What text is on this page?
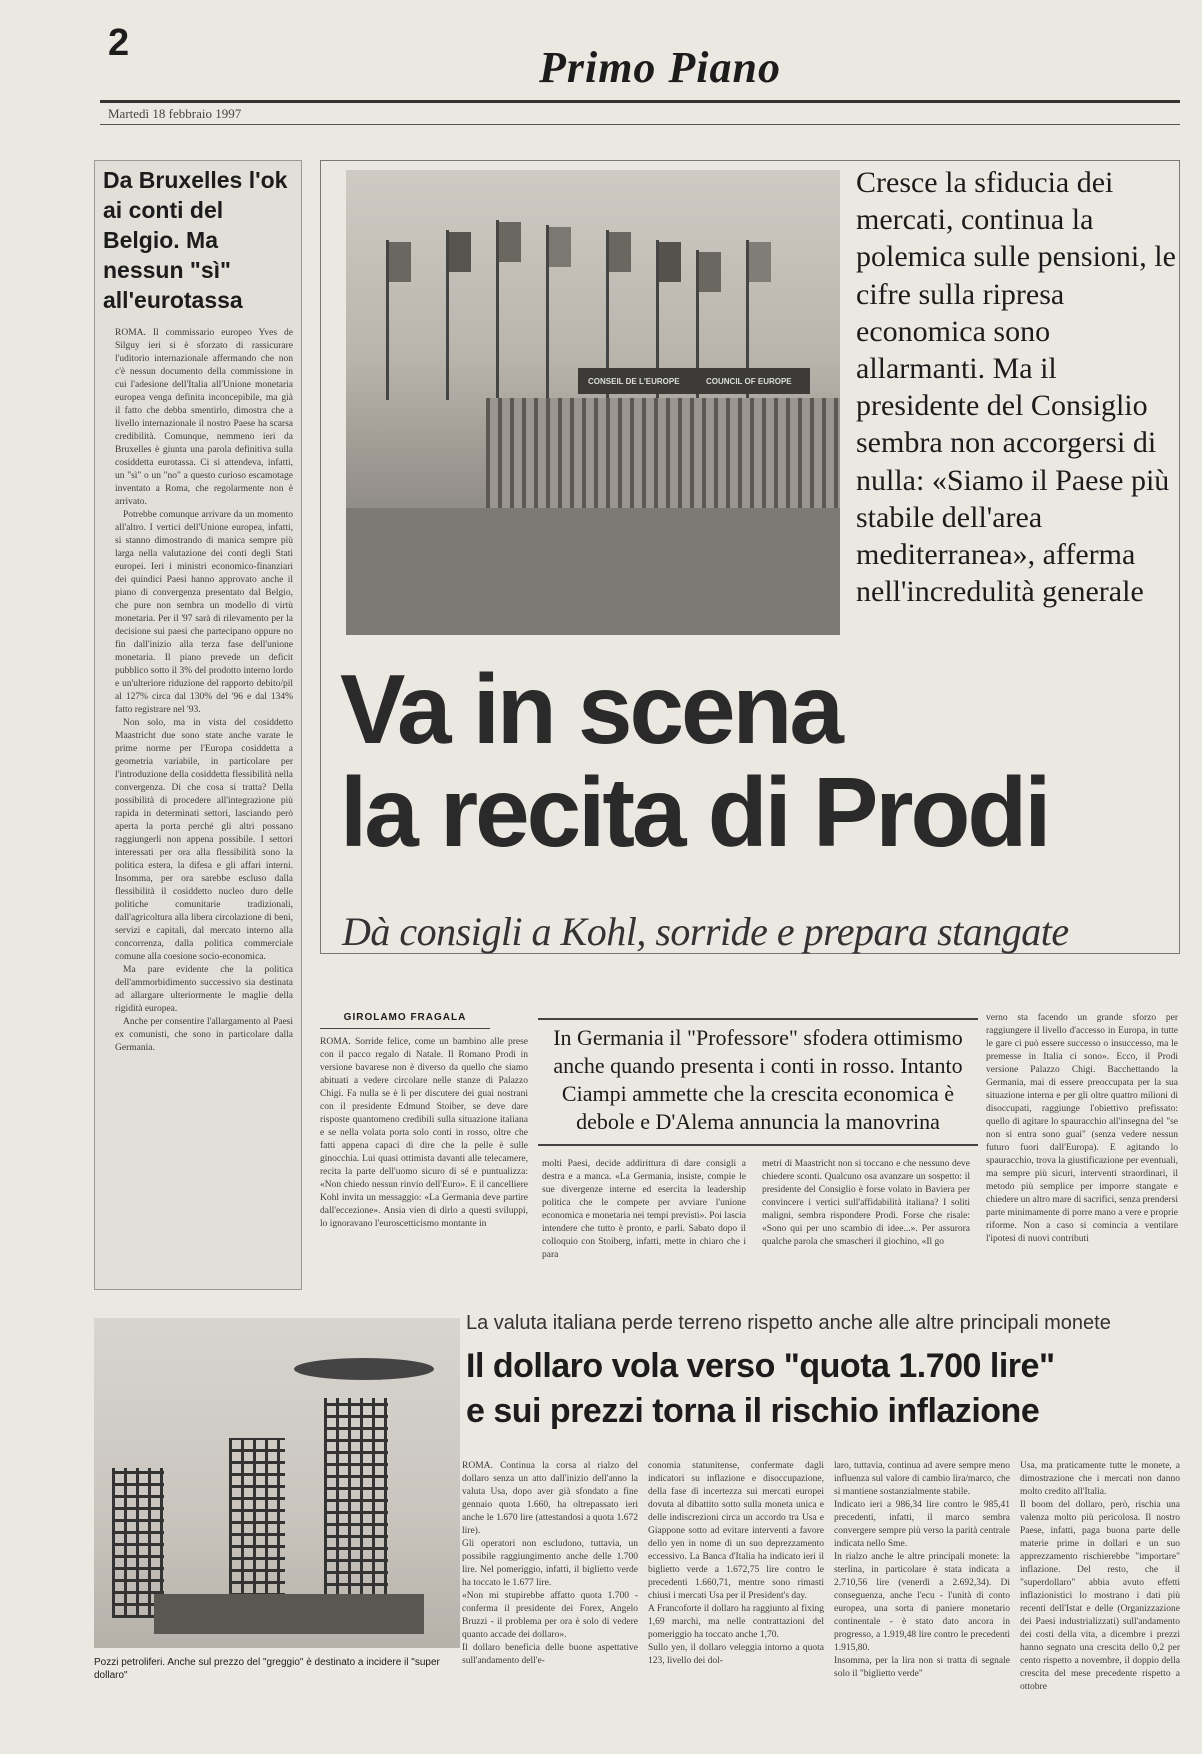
2	Primo Piano
Martedì 18 febbraio 1997
Da Bruxelles l'ok ai conti del Belgio. Ma nessun "sì" all'eurotassa

ROMA. Il commissario europeo Yves de Silguy ieri si è sforzato di rassicurare l'uditorio internazionale affermando che non c'è nessun documento della commissione in cui l'adesione dell'Italia all'Unione monetaria europea venga definita inconcepibile, ma già il fatto che debba smentirlo, dimostra che a livello internazionale il nostro Paese ha scarsa credibilità. Comunque, nemmeno ieri da Bruxelles è giunta una parola definitiva sulla cosiddetta eurotassa. Ci si attendeva, infatti, un "sì" o un "no" a questo curioso escamotage inventato a Roma, che regolarmente non è arrivato.

Potrebbe comunque arrivare da un momento all'altro. I vertici dell'Unione europea, infatti, si stanno dimostrando di manica sempre più larga nella valutazione dei conti degli Stati europei. Ieri i ministri economico-finanziari dei quindici Paesi hanno approvato anche il piano di convergenza presentato dal Belgio, che pure non sembra un modello di virtù monetaria. Per il '97 sarà di rilevamento per la decisione sui paesi che partecipano oppure no fin dall'inizio alla terza fase dell'unione monetaria. Il piano prevede un deficit pubblico sotto il 3% del prodotto interno lordo e un'ulteriore riduzione del rapporto debito/pil al 127% circa dal 130% del '96 e dal 134% fatto registrare nel '93.

Non solo, ma in vista del cosiddetto Maastricht due sono state anche varate le prime norme per l'Europa cosiddetta a geometria variabile, in particolare per l'introduzione della cosiddetta flessibilità nella convergenza. Di che cosa si tratta? Della possibilità di procedere all'integrazione più rapida in determinati settori, lasciando però aperta la porta perché gli altri possano raggiungerli non appena possibile. I settori interessati per ora alla flessibilità sono la politica estera, la difesa e gli affari interni. Insomma, per ora sarebbe escluso dalla flessibilità il cosiddetto nucleo duro delle politiche comunitarie tradizionali, dall'agricoltura alla libera circolazione di beni, servizi e capitali, dal mercato interno alla concorrenza, dalla politica commerciale comune alla coesione socio-economica.

Ma pare evidente che la politica dell'ammorbidimento successivo sia destinata ad allargare ulteriormente le maglie della rigidità europea.

Anche per consentire l'allargamento al Paesi ex comunisti, che sono in particolare dalla Germania.

CONSEIL DE L'EUROPE	COUNCIL OF EUROPE
Cresce la sfiducia dei mercati, continua la polemica sulle pensioni, le cifre sulla ripresa economica sono allarmanti. Ma il presidente del Consiglio sembra non accorgersi di nulla: «Siamo il Paese più stabile dell'area mediterranea», afferma nell'incredulità generale
Va in scena
la recita di Prodi
Dà consigli a Kohl, sorride e prepara stangate
GIROLAMO FRAGALA
In Germania il "Professore" sfodera ottimismo anche quando presenta i conti in rosso. Intanto Ciampi ammette che la crescita economica è debole e D'Alema annuncia la manovrina
ROMA. Sorride felice, come un bambino alle prese con il pacco regalo di Natale. Il Romano Prodi in versione bavarese non è diverso da quello che siamo abituati a vedere circolare nelle stanze di Palazzo Chigi. Fa nulla se è lì per discutere dei guai nostrani con il presidente Edmund Stoiber, se deve dare risposte quantomeno credibili sulla situazione italiana e se nella volata porta solo conti in rosso, oltre che fatti appena capaci di dire che la pelle è sulle ginocchia. Lui quasi ottimista davanti alle telecamere, recita la parte dell'uomo sicuro di sé e puntualizza: «Non chiedo nessun rinvio dell'Euro». E il cancelliere Kohl invita un messaggio: «La Germania deve partire dall'eccezione». Ansia vien di dirlo a questi sviluppi, lo ignoravano l'euroscetticismo montante in
molti Paesi, decide addirittura di dare consigli a destra e a manca. «La Germania, insiste, compie le sue divergenze interne ed esercita la leadership politica che le compete per avviare l'unione economica e monetaria nei tempi previsti». Poi lascia intendere che tutto è pronto, e parli. Sabato dopo il colloquio con Stoiberg, infatti, mette in chiaro che i para
metri di Maastricht non si toccano e che nessuno deve chiedere sconti. Qualcuno osa avanzare un sospetto: il presidente del Consiglio è forse volato in Baviera per convincere i vertici sull'affidabilità italiana? I soliti maligni, sembra rispondere Prodi. Forse che risale: «Sono qui per uno scambio di idee...». Per assurora qualche parola che smascheri il giochino, «Il go
verno sta facendo un grande sforzo per raggiungere il livello d'accesso in Europa, in tutte le gare ci può essere successo o insuccesso, ma le premesse in Italia ci sono». Ecco, il Prodi versione Palazzo Chigi. Bacchettando la Germania, mai di essere preoccupata per la sua situazione interna e per gli oltre quattro milioni di disoccupati, raggiunge l'obiettivo prefissato: quello di agitare lo spauracchio all'insegna del "se non si entra sono guai" (senza vedere nessun futuro fuori dall'Europa). E agitando lo spauracchio, trova la giustificazione per eventuali, ma sempre più sicuri, interventi straordinari, il metodo più semplice per imporre stangate e chiedere un altro mare di sacrifici, senza prendersi parte minimamente di porre mano a vere e proprie riforme. Non a caso si comincia a ventilare l'ipotesi di nuovi contributi
Pozzi petroliferi. Anche sul prezzo del "greggio" è destinato a incidere il "super dollaro"
La valuta italiana perde terreno rispetto anche alle altre principali monete
Il dollaro vola verso "quota 1.700 lire"
e sui prezzi torna il rischio inflazione
ROMA. Continua la corsa al rialzo del dollaro senza un atto dall'inizio dell'anno la valuta Usa, dopo aver già sfondato a fine gennaio quota 1.660, ha oltrepassato ieri anche le 1.670 lire (attestandosi a quota 1.672 lire).
Gli operatori non escludono, tuttavia, un possibile raggiungimento anche delle 1.700 lire. Nel pomeriggio, infatti, il biglietto verde ha toccato le 1.677 lire.
«Non mi stupirebbe affatto quota 1.700 - conferma il presidente dei Forex, Angelo Bruzzi - il problema per ora è solo di vedere quanto accade dei dollaro».
Il dollaro beneficia delle buone aspettative sull'andamento dell'e-
conomia statunitense, confermate dagli indicatori su inflazione e disoccupazione, della fase di incertezza sui mercati europei dovuta al dibattito sotto sulla moneta unica e delle indiscrezioni circa un accordo tra Usa e Giappone sotto ad evitare interventi a favore dello yen in nome di un suo deprezzamento eccessivo. La Banca d'Italia ha indicato ieri il biglietto verde a 1.672,75 lire contro le precedenti 1.660,71, mentre sono rimasti chiusi i mercati Usa per il President's day.
A Francoforte il dollaro ha raggiunto al fixing 1,69 marchi, ma nelle contrattazioni del pomeriggio ha toccato anche 1,70.
Sullo yen, il dollaro veleggia intorno a quota 123, livello dei dol-
laro, tuttavia, continua ad avere sempre meno influenza sul valore di cambio lira/marco, che si mantiene sostanzialmente stabile.
Indicato ieri a 986,34 lire contro le 985,41 precedenti, infatti, il marco sembra convergere sempre più verso la parità centrale indicata nello Sme.
In rialzo anche le altre principali monete: la sterlina, in particolare è stata indicata a 2.710,56 lire (venerdì a 2.692,34). Di conseguenza, anche l'ecu - l'unità di conto europea, una sorta di paniere monetario continentale - è stato dato ancora in progresso, a 1.919,48 lire contro le precedenti 1.915,80.
Insomma, per la lira non si tratta di segnale solo il "biglietto verde"
Usa, ma praticamente tutte le monete, a dimostrazione che i mercati non danno molto credito all'Italia.
Il boom del dollaro, però, rischia una valenza molto più pericolosa. Il nostro Paese, infatti, paga buona parte delle materie prime in dollari e un suo apprezzamento rischierebbe "importare" inflazione. Del resto, che il "superdollaro" abbia avuto effetti inflazionistici lo mostrano i dati più recenti dell'Istat e delle (Organizzazione dei Paesi industrializzati) sull'andamento dei costi della vita, a dicembre i prezzi hanno segnato una crescita dello 0,2 per cento rispetto a novembre, il doppio della crescita del mese precedente rispetto a ottobre
